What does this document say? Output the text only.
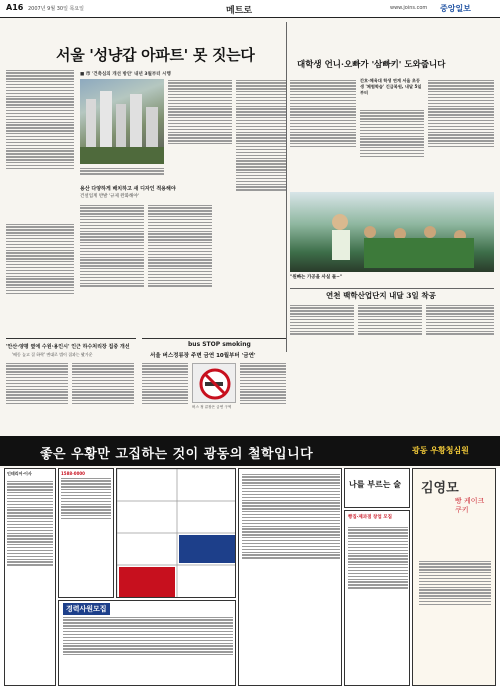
A16 2007년 9월 30일 목요일	메트로	www.joins.com 중앙일보
서울 '성냥갑 아파트' 못 짓는다
■ 市 '건축심의 개선 방안' 내년 3월부터 시행
용산 다양하게 배치하고 새 디자인 적용해야
건설업계 반발 '규제 완화해야'
대학생 언니·오빠가 '삼빠키' 도와줍니다
간호·체육대 학생 연계 서울 초등생 '체험학습' 긴급복원, 내달 5일부터
"원빠는 가공을 사실 돌~"
연천 백학산업단지 내달 3일 착공
'안산·양평 옆에 수원·용인시' 인근 하수처리장 집중 개선
'배동 높고 질 하락' 변대로 법이 집과는 봤가운
bus STOP smoking
서울 버스정류장 주변 금연 10월부터 '금연'
버스 정 류장은 금연 구역
좋은 우황만 고집하는 것이 광동의 철학입니다	광동 우황청심원
인테리어·이사	1588-0000
경력사원모집
나를 부르는 술
빵집·제과점 창업 모집
김영모
빵 케이크 쿠키
